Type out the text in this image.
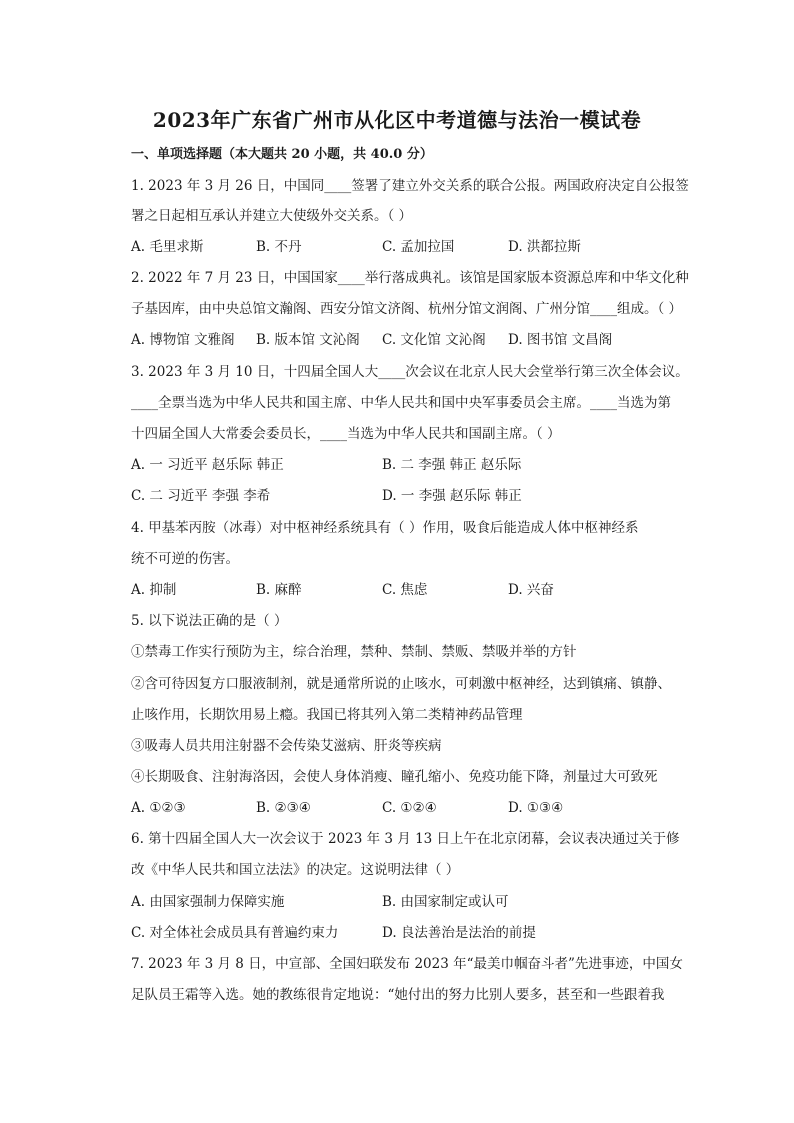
2023年广东省广州市从化区中考道德与法治一模试卷
一、单项选择题（本大题共 20 小题，共 40.0 分）
1. 2023 年 3 月 26 日，中国同____签署了建立外交关系的联合公报。两国政府决定自公报签
署之日起相互承认并建立大使级外交关系。（ ）
A. 毛里求斯	B. 不丹	C. 孟加拉国	D. 洪都拉斯
2. 2022 年 7 月 23 日，中国国家____举行落成典礼。该馆是国家版本资源总库和中华文化种
子基因库，由中央总馆文瀚阁、西安分馆文济阁、杭州分馆文润阁、广州分馆____组成。（ ）
A. 博物馆 文雅阁 B. 版本馆 文沁阁 C. 文化馆 文沁阁 D. 图书馆 文昌阁
3. 2023 年 3 月 10 日，十四届全国人大____次会议在北京人民大会堂举行第三次全体会议。
____全票当选为中华人民共和国主席、中华人民共和国中央军事委员会主席。____当选为第
十四届全国人大常委会委员长，____当选为中华人民共和国副主席。（ ）
A. 一 习近平 赵乐际 韩正	B. 二 李强 韩正 赵乐际
C. 二 习近平 李强 李希	D. 一 李强 赵乐际 韩正
4. 甲基苯丙胺（冰毒）对中枢神经系统具有（ ）作用，吸食后能造成人体中枢神经系
统不可逆的伤害。
A. 抑制	B. 麻醉	C. 焦虑	D. 兴奋
5. 以下说法正确的是（ ）
①禁毒工作实行预防为主，综合治理，禁种、禁制、禁贩、禁吸并举的方针
②含可待因复方口服液制剂，就是通常所说的止咳水，可刺激中枢神经，达到镇痛、镇静、
止咳作用，长期饮用易上瘾。我国已将其列入第二类精神药品管理
③吸毒人员共用注射器不会传染艾滋病、肝炎等疾病
④长期吸食、注射海洛因，会使人身体消瘦、瞳孔缩小、免疫功能下降，剂量过大可致死
A. ①②③	B. ②③④	C. ①②④	D. ①③④
6. 第十四届全国人大一次会议于 2023 年 3 月 13 日上午在北京闭幕，会议表决通过关于修
改《中华人民共和国立法法》的决定。这说明法律（ ）
A. 由国家强制力保障实施	B. 由国家制定或认可
C. 对全体社会成员具有普遍约束力	D. 良法善治是法治的前提
7. 2023 年 3 月 8 日，中宣部、全国妇联发布 2023 年“最美巾帼奋斗者”先进事迹，中国女
足队员王霜等入选。她的教练很肯定地说：“她付出的努力比别人要多，甚至和一些跟着我
